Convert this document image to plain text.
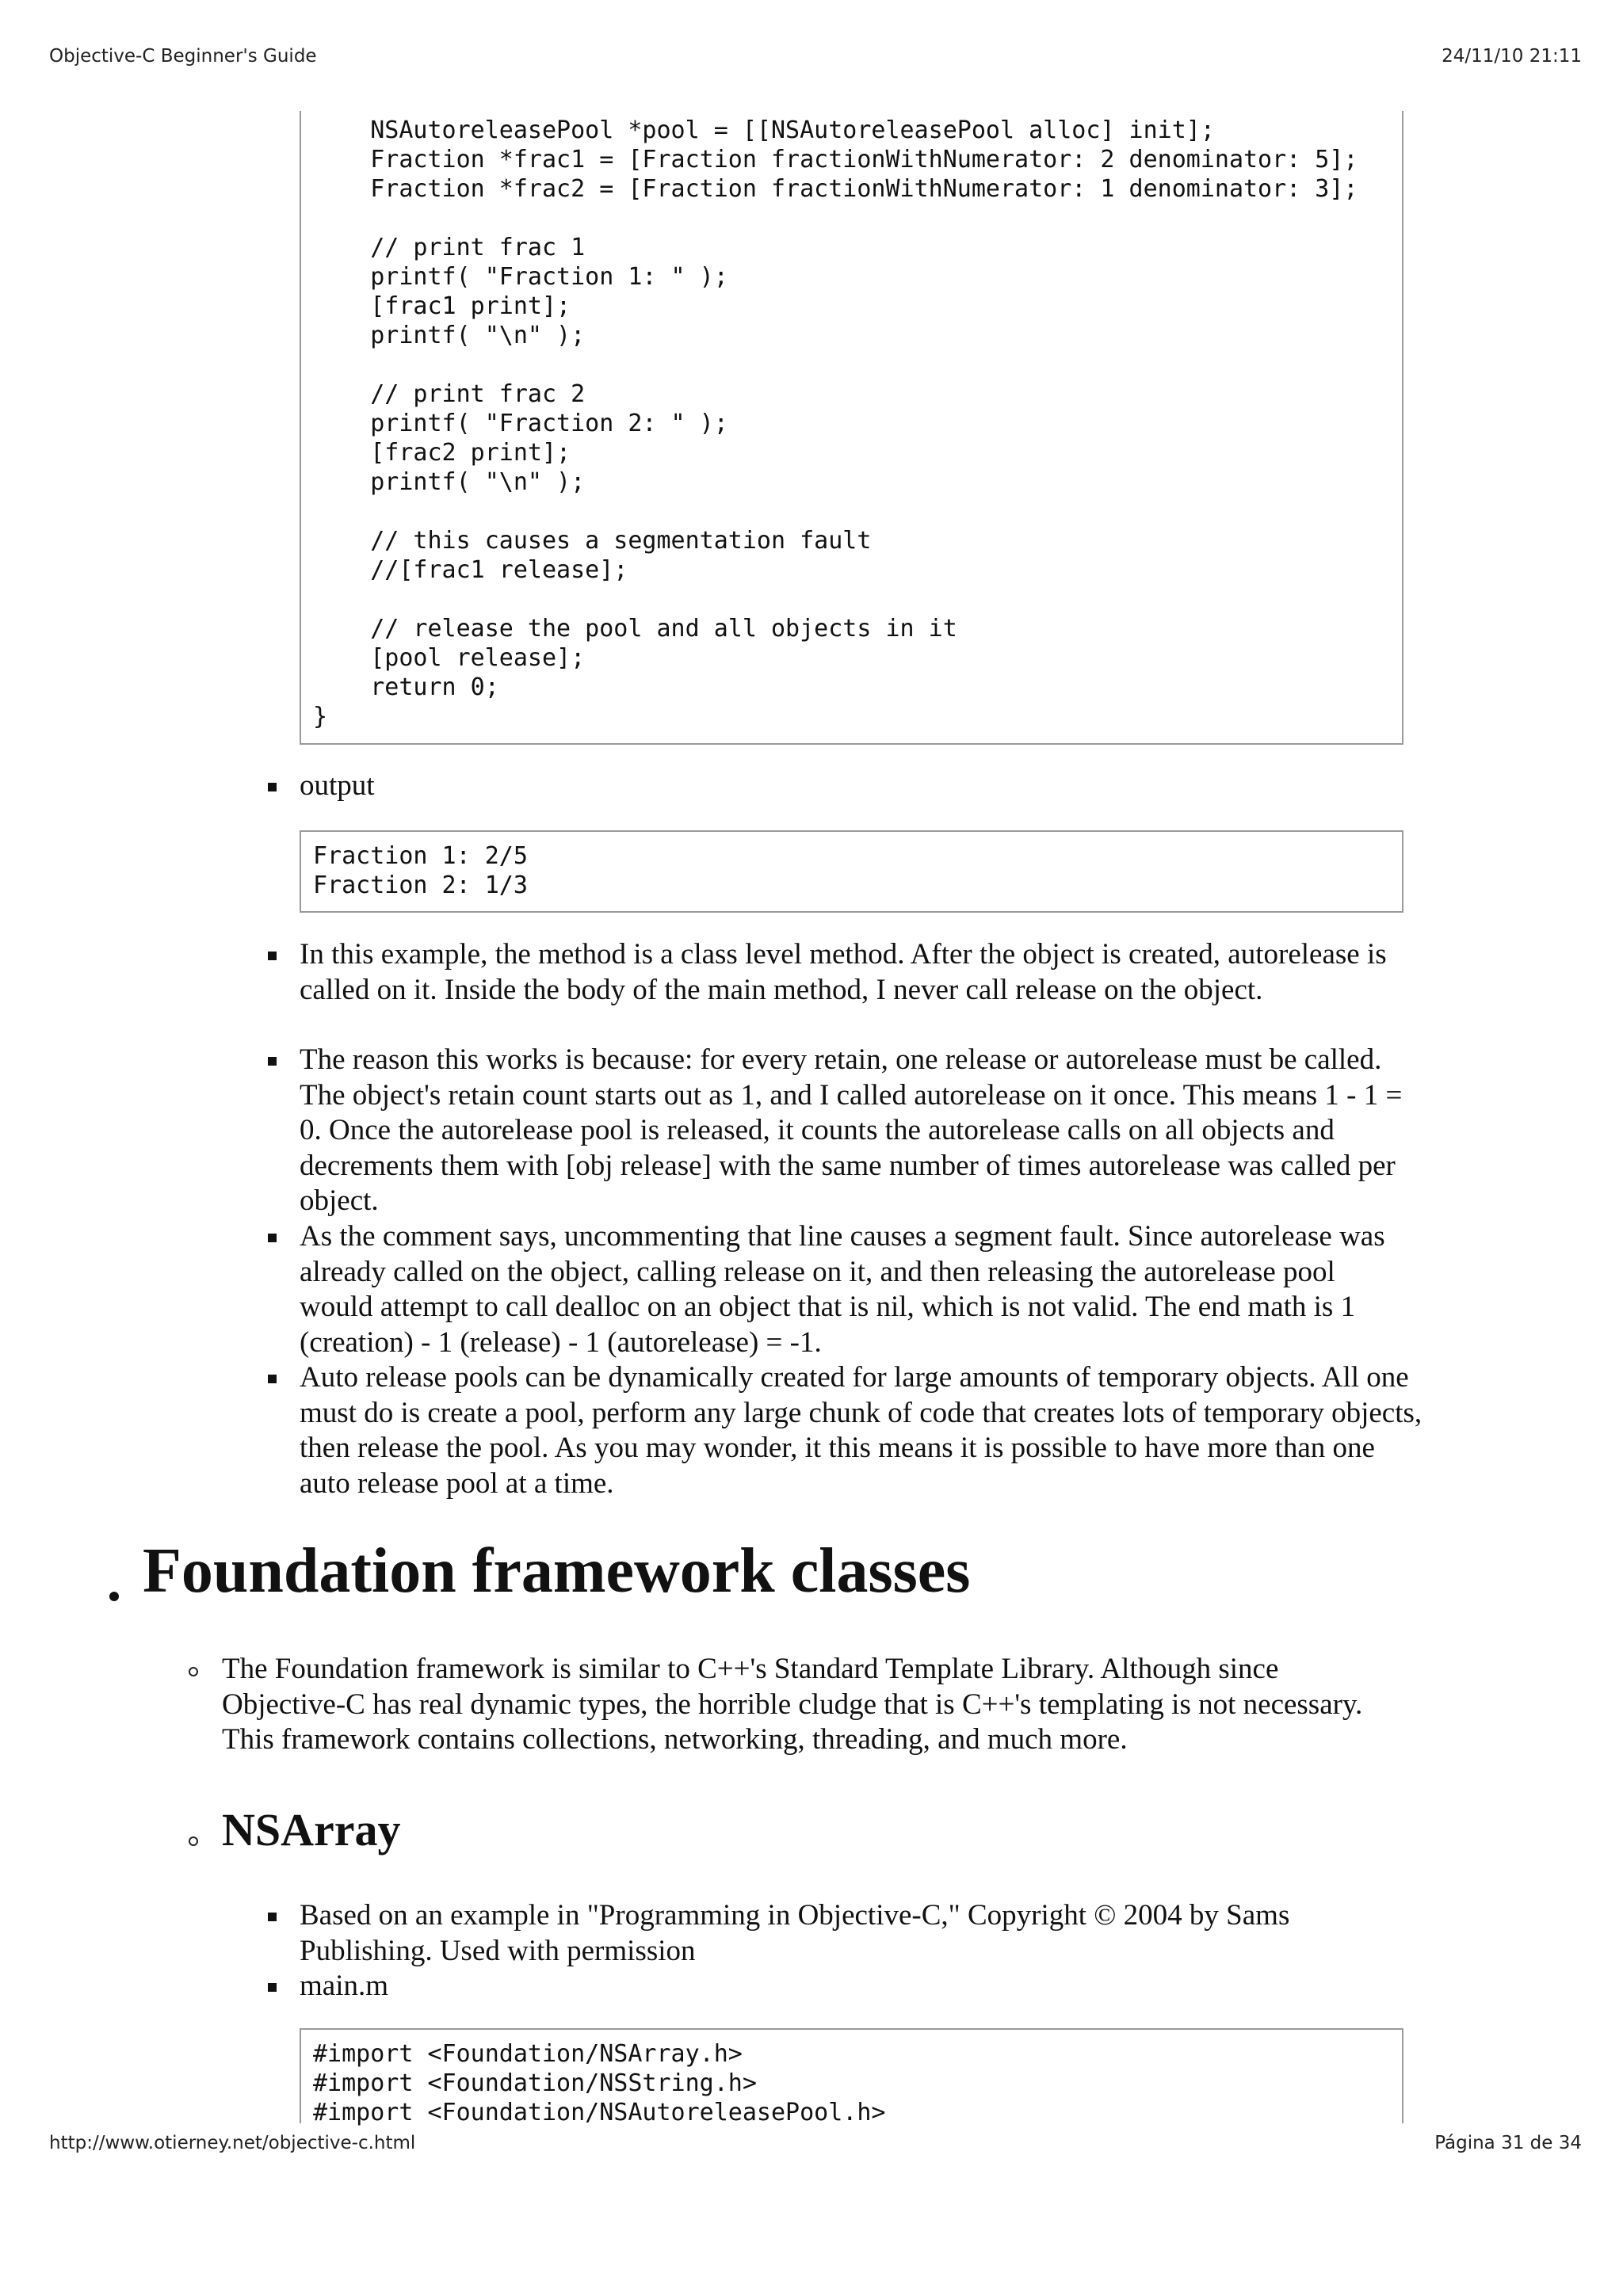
Objective-C Beginner's Guide	24/11/10 21:11
NSAutoreleasePool *pool = [[NSAutoreleasePool alloc] init];
Fraction *frac1 = [Fraction fractionWithNumerator: 2 denominator: 5];
Fraction *frac2 = [Fraction fractionWithNumerator: 1 denominator: 3];

// print frac 1
printf( "Fraction 1: " );
[frac1 print];
printf( "\n" );

// print frac 2
printf( "Fraction 2: " );
[frac2 print];
printf( "\n" );

// this causes a segmentation fault
//[frac1 release];

// release the pool and all objects in it
[pool release];
return 0;
}
output
Fraction 1: 2/5
Fraction 2: 1/3
In this example, the method is a class level method. After the object is created, autorelease is called on it. Inside the body of the main method, I never call release on the object.
The reason this works is because: for every retain, one release or autorelease must be called. The object's retain count starts out as 1, and I called autorelease on it once. This means 1 - 1 = 0. Once the autorelease pool is released, it counts the autorelease calls on all objects and decrements them with [obj release] with the same number of times autorelease was called per object.
As the comment says, uncommenting that line causes a segment fault. Since autorelease was already called on the object, calling release on it, and then releasing the autorelease pool would attempt to call dealloc on an object that is nil, which is not valid. The end math is 1 (creation) - 1 (release) - 1 (autorelease) = -1.
Auto release pools can be dynamically created for large amounts of temporary objects. All one must do is create a pool, perform any large chunk of code that creates lots of temporary objects, then release the pool. As you may wonder, it this means it is possible to have more than one auto release pool at a time.
Foundation framework classes
The Foundation framework is similar to C++'s Standard Template Library. Although since Objective-C has real dynamic types, the horrible cludge that is C++'s templating is not necessary. This framework contains collections, networking, threading, and much more.
NSArray
Based on an example in "Programming in Objective-C," Copyright © 2004 by Sams Publishing. Used with permission
main.m
#import <Foundation/NSArray.h>
#import <Foundation/NSString.h>
#import <Foundation/NSAutoreleasePool.h>
http://www.otierney.net/objective-c.html	Página 31 de 34
